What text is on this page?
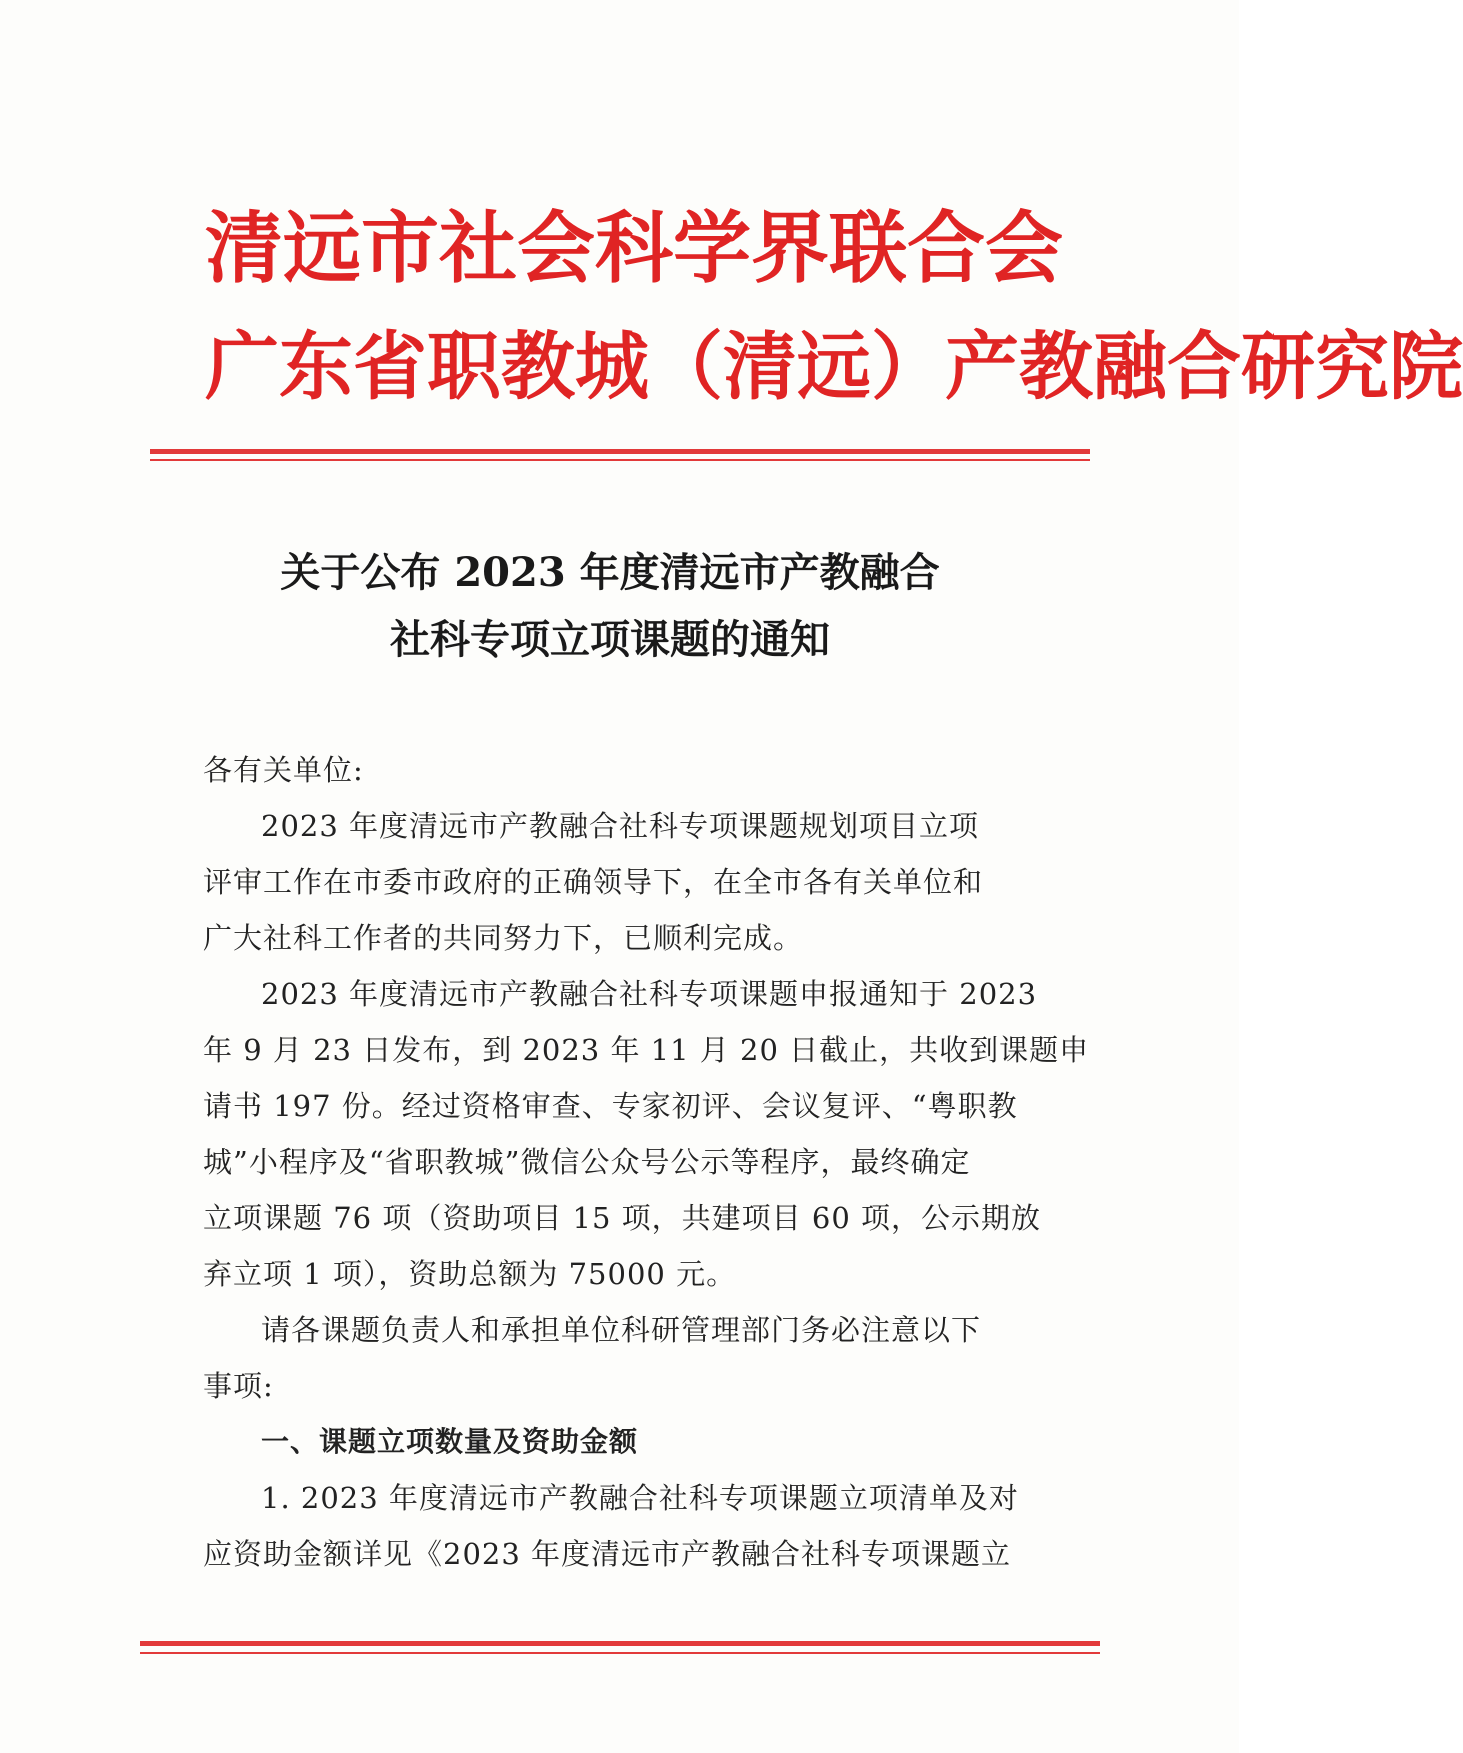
清远市社会科学界联合会
广东省职教城（清远）产教融合研究院
关于公布 2023 年度清远市产教融合
社科专项立项课题的通知
各有关单位:
2023 年度清远市产教融合社科专项课题规划项目立项
评审工作在市委市政府的正确领导下，在全市各有关单位和
广大社科工作者的共同努力下，已顺利完成。
2023 年度清远市产教融合社科专项课题申报通知于 2023
年 9 月 23 日发布，到 2023 年 11 月 20 日截止，共收到课题申
请书 197 份。经过资格审查、专家初评、会议复评、“粤职教
城”小程序及“省职教城”微信公众号公示等程序，最终确定
立项课题 76 项（资助项目 15 项，共建项目 60 项，公示期放
弃立项 1 项），资助总额为 75000 元。
请各课题负责人和承担单位科研管理部门务必注意以下
事项:
一、课题立项数量及资助金额
1. 2023 年度清远市产教融合社科专项课题立项清单及对
应资助金额详见《2023 年度清远市产教融合社科专项课题立
